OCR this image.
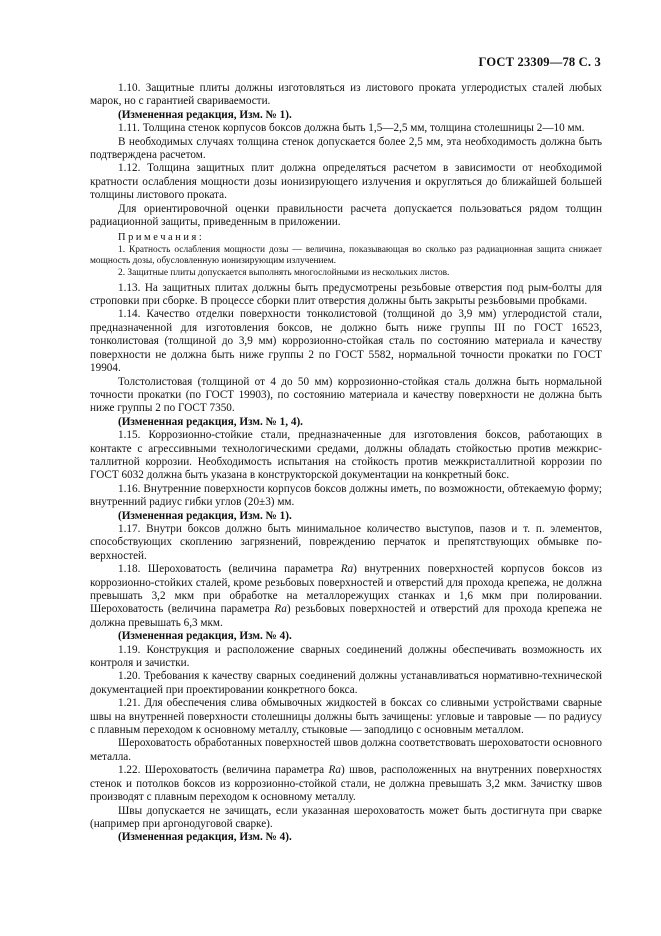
ГОСТ 23309—78 С. 3

1.10. Защитные плиты должны изготовляться из листового проката углеродистых сталей любых марок, но с гарантией свариваемости.

(Измененная редакция, Изм. № 1).

1.11. Толщина стенок корпусов боксов должна быть 1,5—2,5 мм, толщина столешницы 2—10 мм.

В необходимых случаях толщина стенок допускается более 2,5 мм, эта необходимость должна быть подтверждена расчетом.

1.12. Толщина защитных плит должна определяться расчетом в зависимости от необходимой кратности ослабления мощности дозы ионизирующего излучения и округляться до ближайшей большей толщины листового проката.

Для ориентировочной оценки правильности расчета допускается пользоваться рядом толщин радиационной защиты, приведенным в приложении.

Примечания:

1. Кратность ослабления мощности дозы — величина, показывающая во сколько раз радиационная защита снижает мощность дозы, обусловленную ионизирующим излучением.

2. Защитные плиты допускается выполнять многослойными из нескольких листов.

1.13. На защитных плитах должны быть предусмотрены резьбовые отверстия под рым-болты для строповки при сборке. В процессе сборки плит отверстия должны быть закрыты резьбовыми пробками.

1.14. Качество отделки поверхности тонколистовой (толщиной до 3,9 мм) углеродистой стали, предназначенной для изготовления боксов, не должно быть ниже группы III по ГОСТ 16523, тонколистовая (толщиной до 3,9 мм) коррозионно-стойкая сталь по состоянию материала и качеству поверхности не должна быть ниже группы 2 по ГОСТ 5582, нормальной точности прокатки по ГОСТ 19904.

Толстолистовая (толщиной от 4 до 50 мм) коррозионно-стойкая сталь должна быть нормальной точности прокатки (по ГОСТ 19903), по состоянию материала и качеству поверхности не должна быть ниже группы 2 по ГОСТ 7350.

(Измененная редакция, Изм. № 1, 4).

1.15. Коррозионно-стойкие стали, предназначенные для изготовления боксов, работающих в контакте с агрессивными технологическими средами, должны обладать стойкостью против межкристаллитной коррозии. Необходимость испытания на стойкость против межкристаллитной коррозии по ГОСТ 6032 должна быть указана в конструкторской документации на конкретный бокс.

1.16. Внутренние поверхности корпусов боксов должны иметь, по возможности, обтекаемую форму; внутренний радиус гибки углов (20±3) мм.

(Измененная редакция, Изм. № 1).

1.17. Внутри боксов должно быть минимальное количество выступов, пазов и т. п. элементов, способствующих скоплению загрязнений, повреждению перчаток и препятствующих обмывке поверхностей.

1.18. Шероховатость (величина параметра Ra) внутренних поверхностей корпусов боксов из коррозионно-стойких сталей, кроме резьбовых поверхностей и отверстий для прохода крепежа, не должна превышать 3,2 мкм при обработке на металлорежущих станках и 1,6 мкм при полировании. Шероховатость (величина параметра Ra) резьбовых поверхностей и отверстий для прохода крепежа не должна превышать 6,3 мкм.

(Измененная редакция, Изм. № 4).

1.19. Конструкция и расположение сварных соединений должны обеспечивать возможность их контроля и зачистки.

1.20. Требования к качеству сварных соединений должны устанавливаться нормативно-технической документацией при проектировании конкретного бокса.

1.21. Для обеспечения слива обмывочных жидкостей в боксах со сливными устройствами сварные швы на внутренней поверхности столешницы должны быть зачищены: угловые и тавровые — по радиусу с плавным переходом к основному металлу, стыковые — заподлицо с основным металлом.

Шероховатость обработанных поверхностей швов должна соответствовать шероховатости основного металла.

1.22. Шероховатость (величина параметра Ra) швов, расположенных на внутренних поверхностях стенок и потолков боксов из коррозионно-стойкой стали, не должна превышать 3,2 мкм. Зачистку швов производят с плавным переходом к основному металлу.

Швы допускается не зачищать, если указанная шероховатость может быть достигнута при сварке (например при аргонодуговой сварке).

(Измененная редакция, Изм. № 4).
